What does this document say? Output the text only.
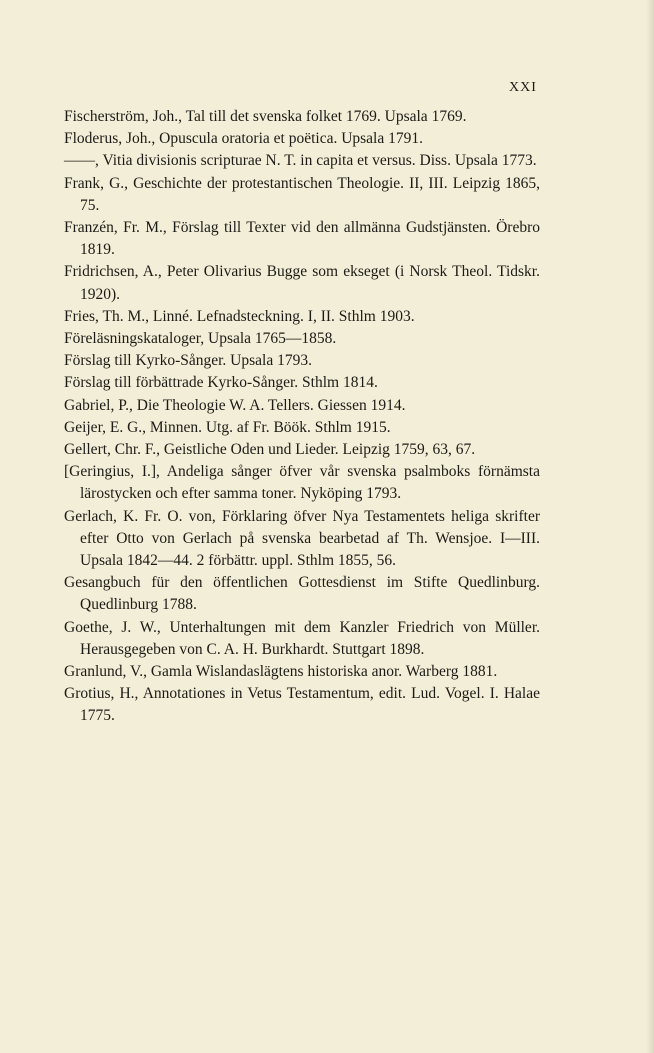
XXI
Fischerström, Joh., Tal till det svenska folket 1769. Upsala 1769.
Floderus, Joh., Opuscula oratoria et poëtica. Upsala 1791.
——, Vitia divisionis scripturae N. T. in capita et versus. Diss. Upsala 1773.
Frank, G., Geschichte der protestantischen Theologie. II, III. Leipzig 1865, 75.
Franzén, Fr. M., Förslag till Texter vid den allmänna Gudstjänsten. Örebro 1819.
Fridrichsen, A., Peter Olivarius Bugge som ekseget (i Norsk Theol. Tidskr. 1920).
Fries, Th. M., Linné. Lefnadsteckning. I, II. Sthlm 1903.
Föreläsningskataloger, Upsala 1765—1858.
Förslag till Kyrko-Sånger. Upsala 1793.
Förslag till förbättrade Kyrko-Sånger. Sthlm 1814.
Gabriel, P., Die Theologie W. A. Tellers. Giessen 1914.
Geijer, E. G., Minnen. Utg. af Fr. Böök. Sthlm 1915.
Gellert, Chr. F., Geistliche Oden und Lieder. Leipzig 1759, 63, 67.
[Geringius, I.], Andeliga sånger öfver vår svenska psalmboks förnämsta lärostycken och efter samma toner. Nyköping 1793.
Gerlach, K. Fr. O. von, Förklaring öfver Nya Testamentets heliga skrifter efter Otto von Gerlach på svenska bearbetad af Th. Wensjoe. I—III. Upsala 1842—44. 2 förbättr. uppl. Sthlm 1855, 56.
Gesangbuch für den öffentlichen Gottesdienst im Stifte Quedlinburg. Quedlinburg 1788.
Goethe, J. W., Unterhaltungen mit dem Kanzler Friedrich von Müller. Herausgegeben von C. A. H. Burkhardt. Stuttgart 1898.
Granlund, V., Gamla Wislandaslägtens historiska anor. Warberg 1881.
Grotius, H., Annotationes in Vetus Testamentum, edit. Lud. Vogel. I. Halae 1775.
